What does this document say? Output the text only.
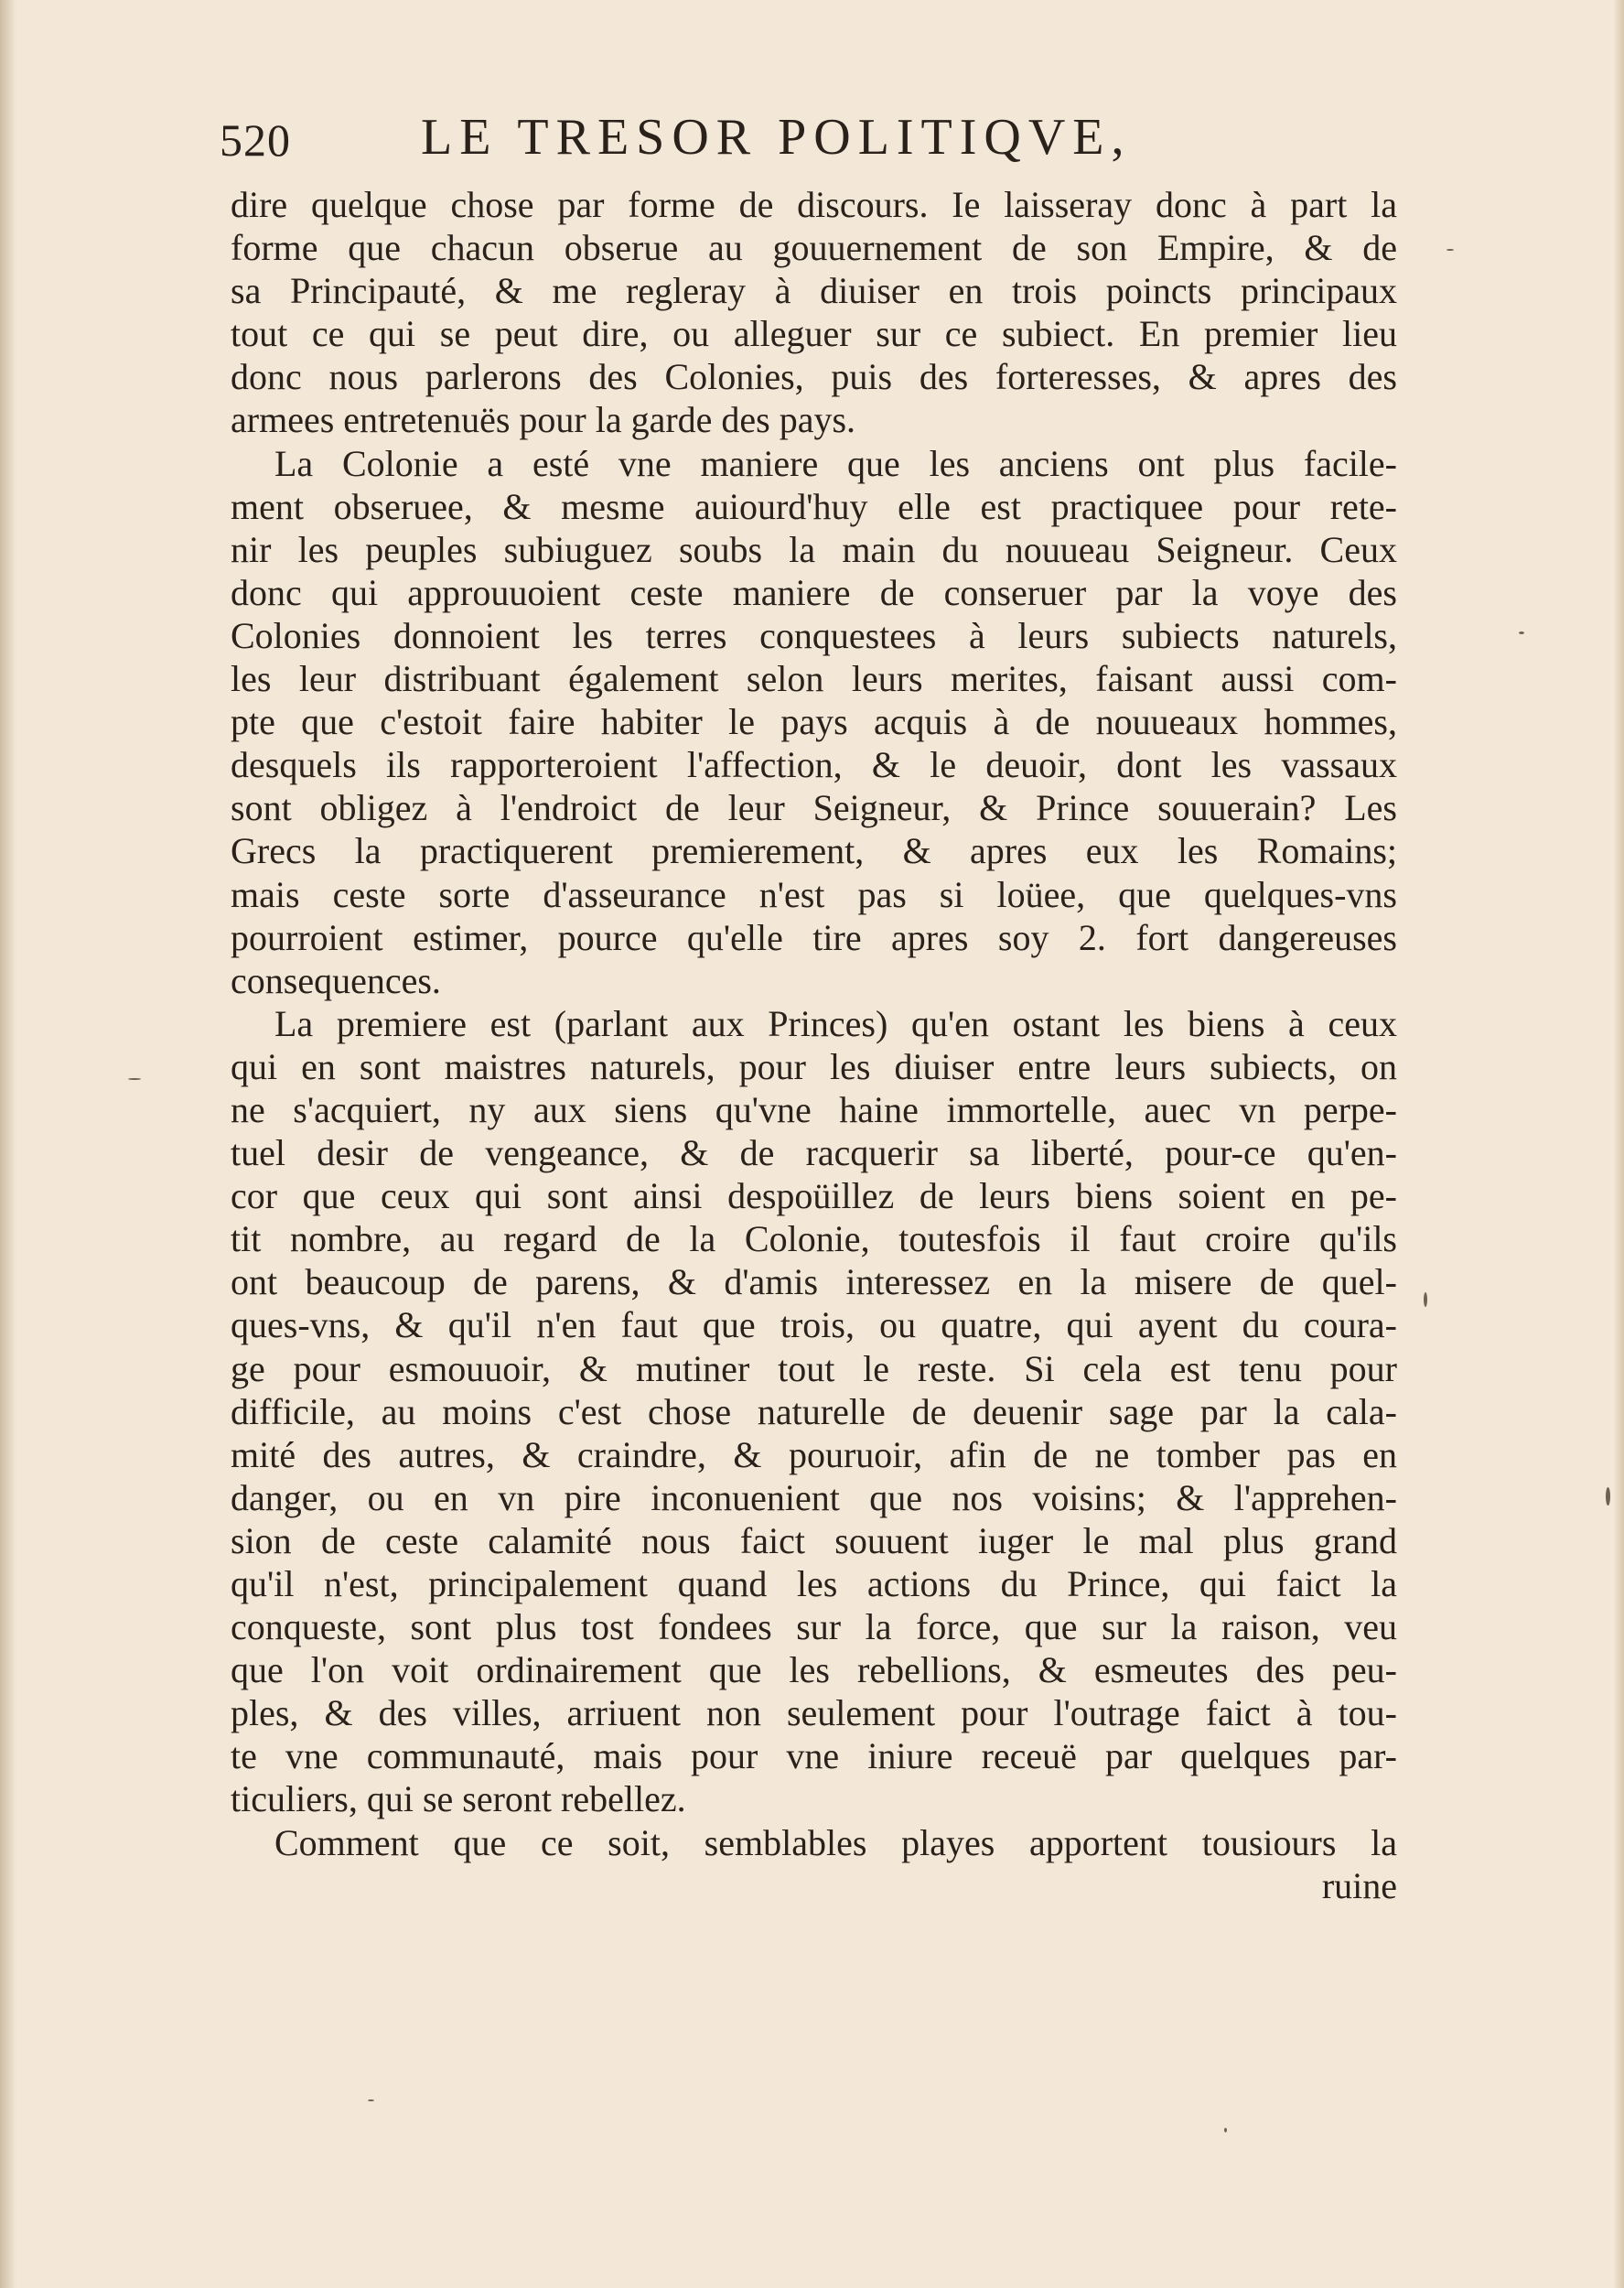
520	LE TRESOR POLITIQVE,
dire quelque chose par forme de discours. Ie laisseray donc à part la
forme que chacun obserue au gouuernement de son Empire, & de
sa Principauté, & me regleray à diuiser en trois poincts principaux
tout ce qui se peut dire, ou alleguer sur ce subiect. En premier lieu
donc nous parlerons des Colonies, puis des forteresses, & apres des
armees entretenuës pour la garde des pays.
La Colonie a esté vne maniere que les anciens ont plus facile-
ment obseruee, & mesme auiourd'huy elle est practiquee pour rete-
nir les peuples subiuguez soubs la main du nouueau Seigneur. Ceux
donc qui approuuoient ceste maniere de conseruer par la voye des
Colonies donnoient les terres conquestees à leurs subiects naturels,
les leur distribuant également selon leurs merites, faisant aussi com-
pte que c'estoit faire habiter le pays acquis à de nouueaux hommes,
desquels ils rapporteroient l'affection, & le deuoir, dont les vassaux
sont obligez à l'endroict de leur Seigneur, & Prince souuerain? Les
Grecs la practiquerent premierement, & apres eux les Romains;
mais ceste sorte d'asseurance n'est pas si loüee, que quelques-vns
pourroient estimer, pource qu'elle tire apres soy 2. fort dangereuses
consequences.
La premiere est (parlant aux Princes) qu'en ostant les biens à ceux
qui en sont maistres naturels, pour les diuiser entre leurs subiects, on
ne s'acquiert, ny aux siens qu'vne haine immortelle, auec vn perpe-
tuel desir de vengeance, & de racquerir sa liberté, pour-ce qu'en-
cor que ceux qui sont ainsi despoüillez de leurs biens soient en pe-
tit nombre, au regard de la Colonie, toutesfois il faut croire qu'ils
ont beaucoup de parens, & d'amis interessez en la misere de quel-
ques-vns, & qu'il n'en faut que trois, ou quatre, qui ayent du coura-
ge pour esmouuoir, & mutiner tout le reste. Si cela est tenu pour
difficile, au moins c'est chose naturelle de deuenir sage par la cala-
mité des autres, & craindre, & pouruoir, afin de ne tomber pas en
danger, ou en vn pire inconuenient que nos voisins; & l'apprehen-
sion de ceste calamité nous faict souuent iuger le mal plus grand
qu'il n'est, principalement quand les actions du Prince, qui faict la
conqueste, sont plus tost fondees sur la force, que sur la raison, veu
que l'on voit ordinairement que les rebellions, & esmeutes des peu-
ples, & des villes, arriuent non seulement pour l'outrage faict à tou-
te vne communauté, mais pour vne iniure receuë par quelques par-
ticuliers, qui se seront rebellez.
Comment que ce soit, semblables playes apportent tousiours la
ruine
